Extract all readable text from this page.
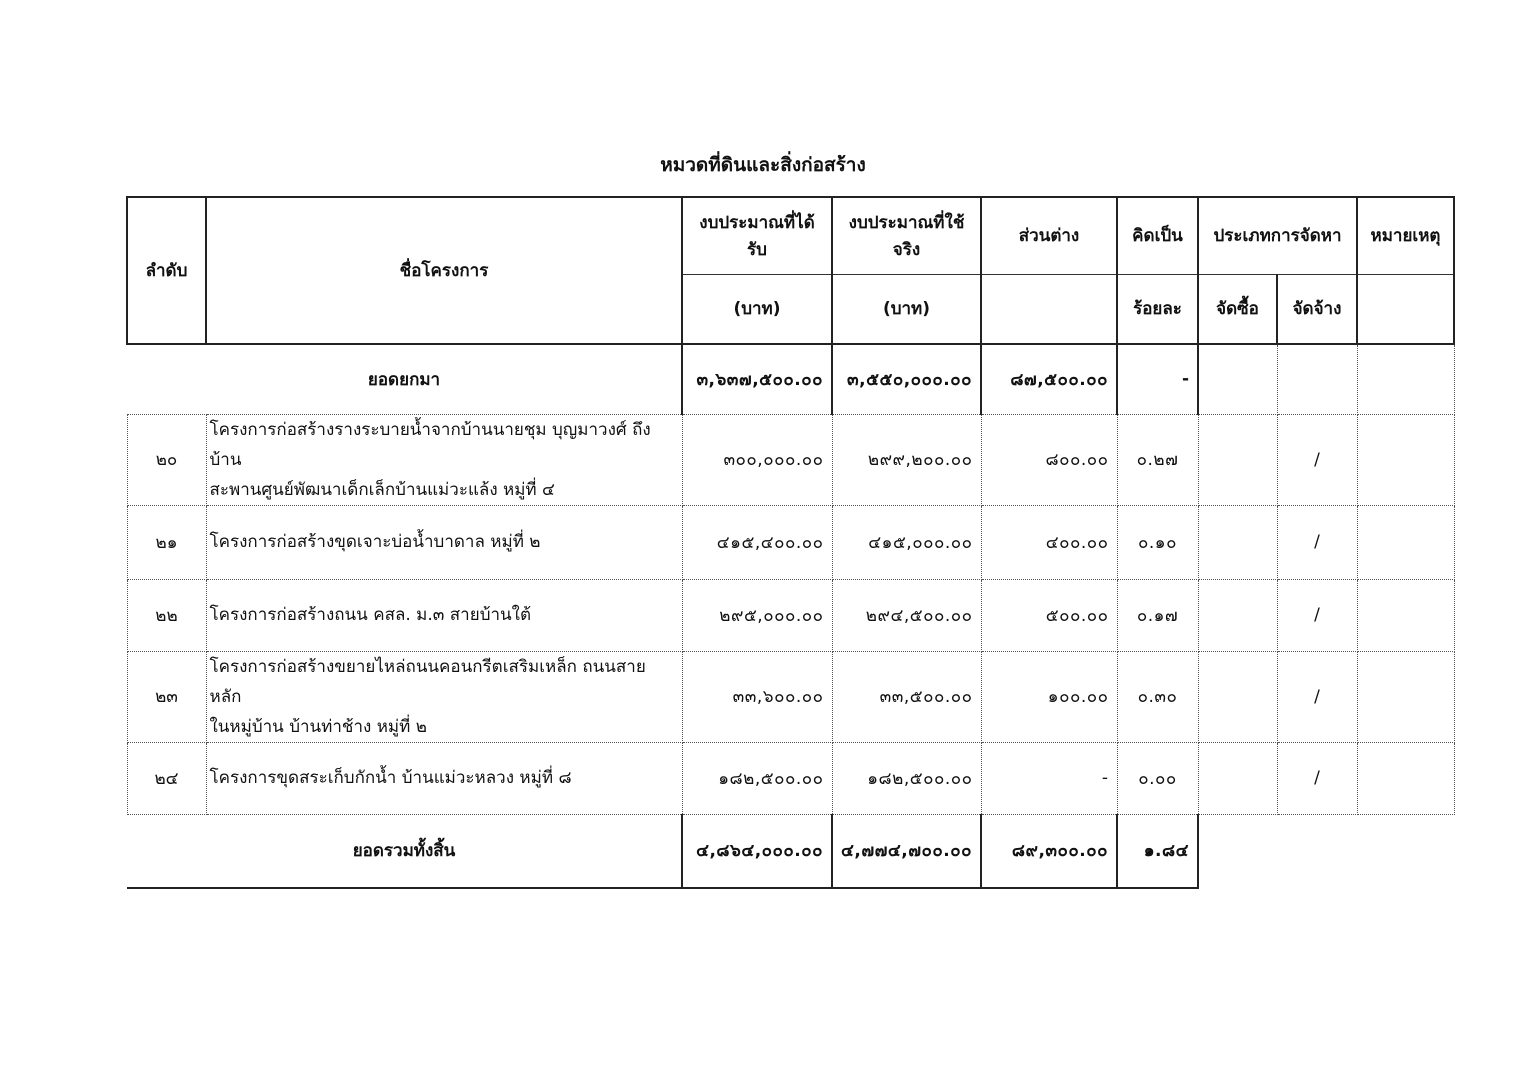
หมวดที่ดินและสิ่งก่อสร้าง
ลำดับ	ชื่อโครงการ	งบประมาณที่ได้รับ	งบประมาณที่ใช้จริง	ส่วนต่าง	คิดเป็น	ประเภทการจัดหา		หมายเหตุ
		(บาท)	(บาท)		ร้อยละ	จัดซื้อ	จัดจ้าง	
ยอดยกมา		๓,๖๓๗,๕๐๐.๐๐	๓,๕๕๐,๐๐๐.๐๐	๘๗,๕๐๐.๐๐	-			
๒๐	โครงการก่อสร้างรางระบายน้ำจากบ้านนายชุม บุญมาวงศ์ ถึงบ้าน
สะพานศูนย์พัฒนาเด็กเล็กบ้านแม่วะแล้ง หมู่ที่ ๔	๓๐๐,๐๐๐.๐๐	๒๙๙,๒๐๐.๐๐	๘๐๐.๐๐	๐.๒๗		/	
๒๑	โครงการก่อสร้างขุดเจาะบ่อน้ำบาดาล หมู่ที่ ๒	๔๑๕,๔๐๐.๐๐	๔๑๕,๐๐๐.๐๐	๔๐๐.๐๐	๐.๑๐		/	
๒๒	โครงการก่อสร้างถนน คสล. ม.๓ สายบ้านใต้	๒๙๕,๐๐๐.๐๐	๒๙๔,๕๐๐.๐๐	๕๐๐.๐๐	๐.๑๗		/	
๒๓	โครงการก่อสร้างขยายไหล่ถนนคอนกรีตเสริมเหล็ก ถนนสายหลัก
ในหมู่บ้าน บ้านท่าช้าง หมู่ที่ ๒	๓๓,๖๐๐.๐๐	๓๓,๕๐๐.๐๐	๑๐๐.๐๐	๐.๓๐		/	
๒๔	โครงการขุดสระเก็บกักน้ำ บ้านแม่วะหลวง หมู่ที่ ๘	๑๘๒,๕๐๐.๐๐	๑๘๒,๕๐๐.๐๐	-	๐.๐๐		/	
ยอดรวมทั้งสิ้น		๔,๘๖๔,๐๐๐.๐๐	๔,๗๗๔,๗๐๐.๐๐	๘๙,๓๐๐.๐๐	๑.๘๔			
